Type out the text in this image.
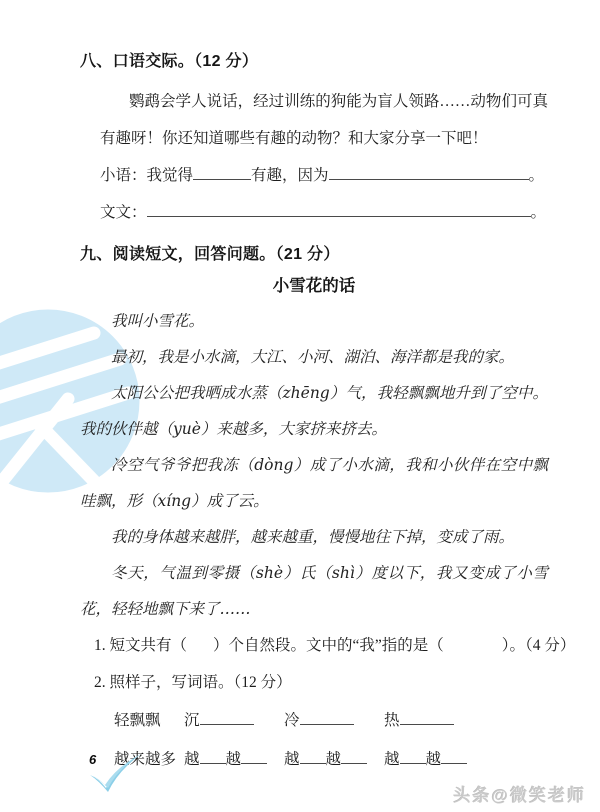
八、口语交际。（12 分）

鹦鹉会学人说话，经过训练的狗能为盲人领路……动物们可真有趣呀！你还知道哪些有趣的动物？和大家分享一下吧！

小语：我觉得	有趣，因为	。

文文：	。

九、阅读短文，回答问题。（21 分）
小雪花的话

我叫小雪花。

最初，我是小水滴，大江、小河、湖泊、海洋都是我的家。

太阳公公把我晒成水蒸（zhēng）气，我轻飘飘地升到了空中。我的伙伴越（yuè）来越多，大家挤来挤去。

冷空气爷爷把我冻（dòng）成了小水滴，我和小伙伴在空中飘哇飘，形（xíng）成了云。

我的身体越来越胖，越来越重，慢慢地往下掉，变成了雨。

冬天，气温到零摄（shè）氏（shì）度以下，我又变成了小雪花，轻轻地飘下来了……

1. 短文共有（ ）个自然段。文中的“我”指的是（	）。（4 分）

2. 照样子，写词语。（12 分）

轻飘飘	沉	冷	热
越来越多 越 越	越 越	越 越
6
头条@微笑老师
